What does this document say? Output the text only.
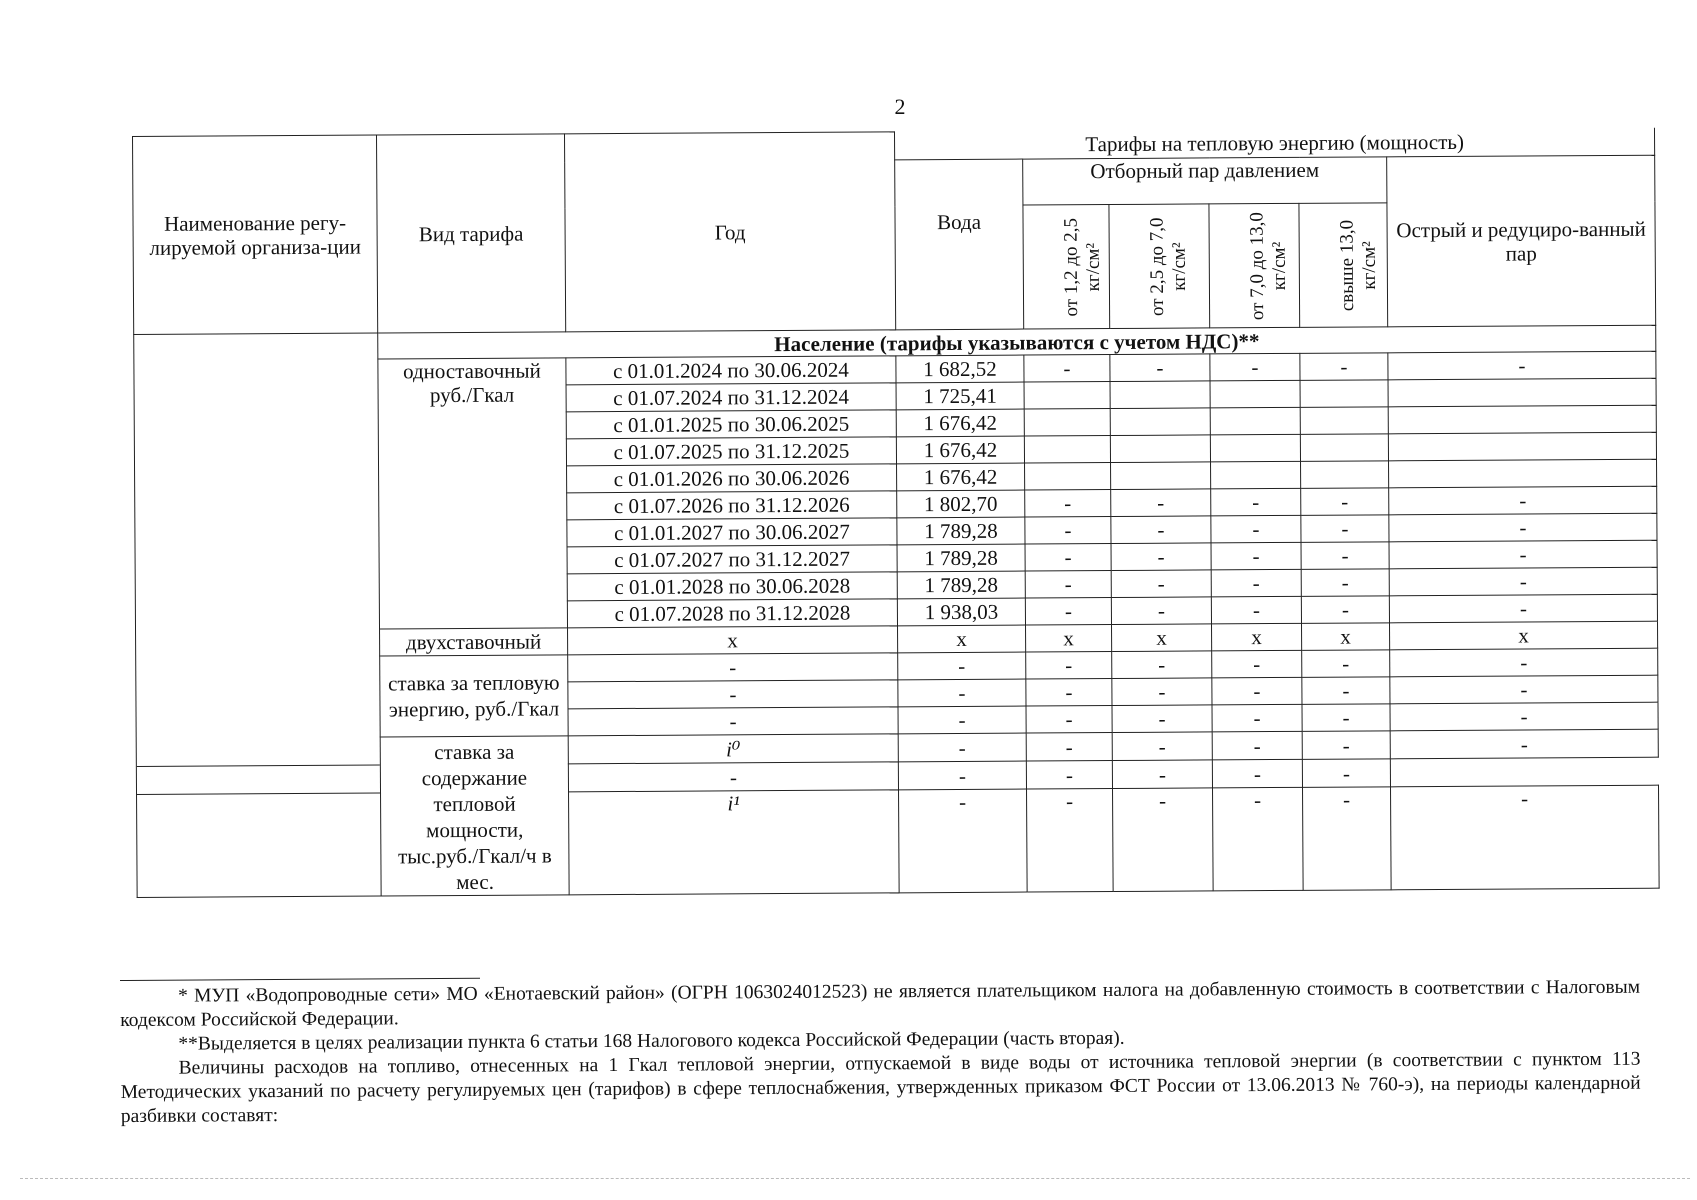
2
Наименование регу-лируемой организа-ции	Вид тарифа	Год	Тарифы на тепловую энергию (мощность)					
			Вода	Отборный пар давлением				Острый и редуциро-ванный пар
				от 1,2 до 2,5 кг/см²	от 2,5 до 7,0 кг/см²	от 7,0 до 13,0 кг/см²	свыше 13,0 кг/см²	
	Население (тарифы указываются с учетом НДС)**							
	одноставочный руб./Гкал	с 01.01.2024 по 30.06.2024	1 682,52	-	-	-	-	-
		с 01.07.2024 по 31.12.2024	1 725,41					
		с 01.01.2025 по 30.06.2025	1 676,42					
		с 01.07.2025 по 31.12.2025	1 676,42					
		с 01.01.2026 по 30.06.2026	1 676,42					
		с 01.07.2026 по 31.12.2026	1 802,70	-	-	-	-	-
		с 01.01.2027 по 30.06.2027	1 789,28	-	-	-	-	-
		с 01.07.2027 по 31.12.2027	1 789,28	-	-	-	-	-
		с 01.01.2028 по 30.06.2028	1 789,28	-	-	-	-	-
		с 01.07.2028 по 31.12.2028	1 938,03	-	-	-	-	-
	двухставочный	x	x	x	x	x	x	x
	ставка за тепловую энергию, руб./Гкал	-	-	-	-	-	-	-
		-	-	-	-	-	-	-
		-	-	-	-	-	-	-
	ставка за содержание тепловой мощности, тыс.руб./Гкал/ч в мес.	i⁰	-	-	-	-	-	-
		-	-	-	-	-	-	
		i¹	-	-	-	-	-	-

* МУП «Водопроводные сети» МО «Енотаевский район» (ОГРН 1063024012523) не является плательщиком налога на добавленную стоимость в соответствии с Налоговым кодексом Российской Федерации.

**Выделяется в целях реализации пункта 6 статьи 168 Налогового кодекса Российской Федерации (часть вторая).

Величины расходов на топливо, отнесенных на 1 Гкал тепловой энергии, отпускаемой в виде воды от источника тепловой энергии (в соответствии с пунктом 113 Методических указаний по расчету регулируемых цен (тарифов) в сфере теплоснабжения, утвержденных приказом ФСТ России от 13.06.2013 № 760-э), на периоды календарной разбивки составят:
